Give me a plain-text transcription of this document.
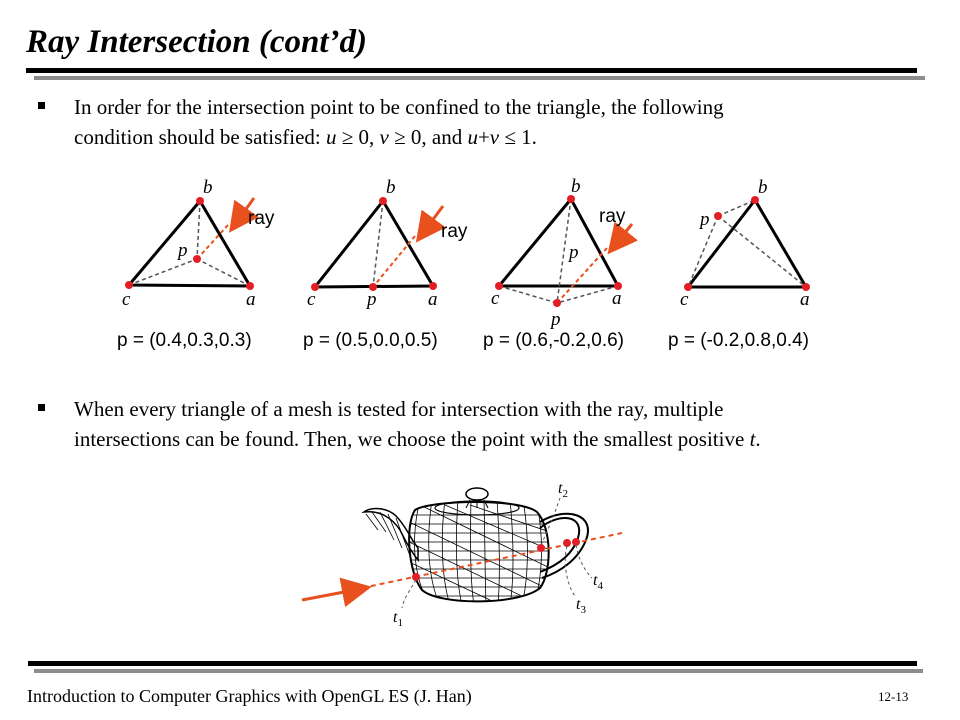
Ray Intersection (cont’d)
In order for the intersection point to be confined to the triangle, the following
condition should be satisfied: u ≥ 0, v ≥ 0, and u+v ≤ 1.
b
c	a
p
ray
b
c	p	a
ray
b
c	a
p
p
ray
b
p
c	a
p = (0.4,0.3,0.3)	p = (0.5,0.0,0.5) p = (0.6,-0.2,0.6) p = (-0.2,0.8,0.4)
When every triangle of a mesh is tested for intersection with the ray, multiple
intersections can be found. Then, we choose the point with the smallest positive t.
$t_1$
$t_2$
$t_3$
$t_4$
Introduction to Computer Graphics with OpenGL ES (J. Han)	12-13
